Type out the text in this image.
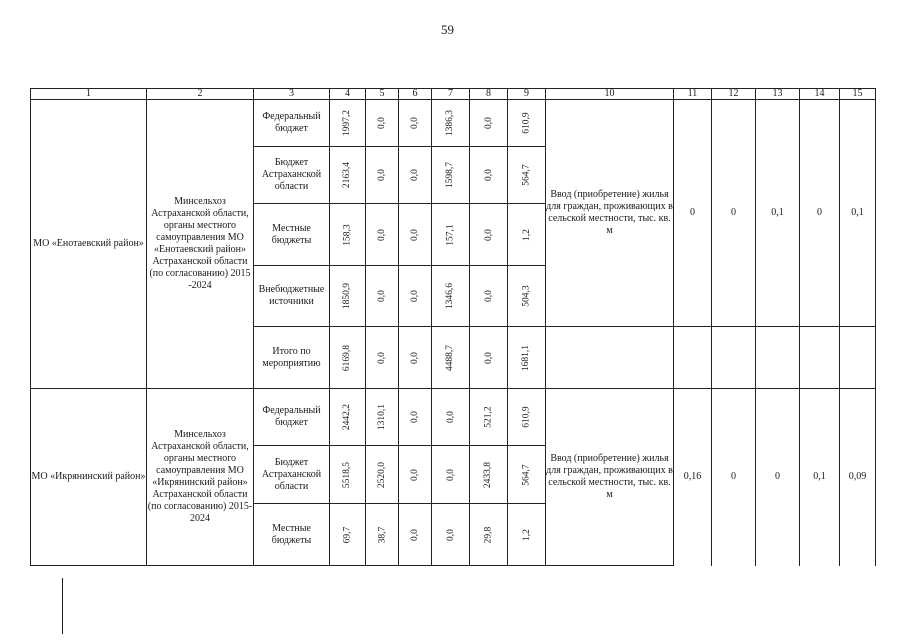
59
1	2	3	4	5	6	7	8	9	10	11	12	13	14	15
МО «Енотаевский район»	Минсельхоз Астраханской области, органы местного самоуправления МО «Енотаевский район» Астраханской области (по согласованию) 2015 -2024	Федеральный бюджет	1997,2	0,0	0,0	1386,3	0,0	610,9	Ввод (приобретение) жилья для граждан, проживающих в сельской местности, тыс. кв. м	0	0	0,1	0	0,1
		Бюджет Астраханской области	2163,4	0,0	0,0	1598,7	0,0	564,7						
		Местные бюджеты	158,3	0,0	0,0	157,1	0,0	1,2						
		Внебюджетные источники	1850,9	0,0	0,0	1346,6	0,0	504,3						
		Итого по мероприятию	6169,8	0,0	0,0	4488,7	0,0	1681,1						
МО «Икрянинский район»	Минсельхоз Астраханской области, органы местного самоуправления МО «Икрянинский район» Астраханской области (по согласованию) 2015-2024	Федеральный бюджет	2442,2	1310,1	0,0	0,0	521,2	610,9	Ввод (приобретение) жилья для граждан, проживающих в сельской местности, тыс. кв. м	0,16	0	0	0,1	0,09
		Бюджет Астраханской области	5518,5	2520,0	0,0	0,0	2433,8	564,7						
		Местные бюджеты	69,7	38,7	0,0	0,0	29,8	1,2						
